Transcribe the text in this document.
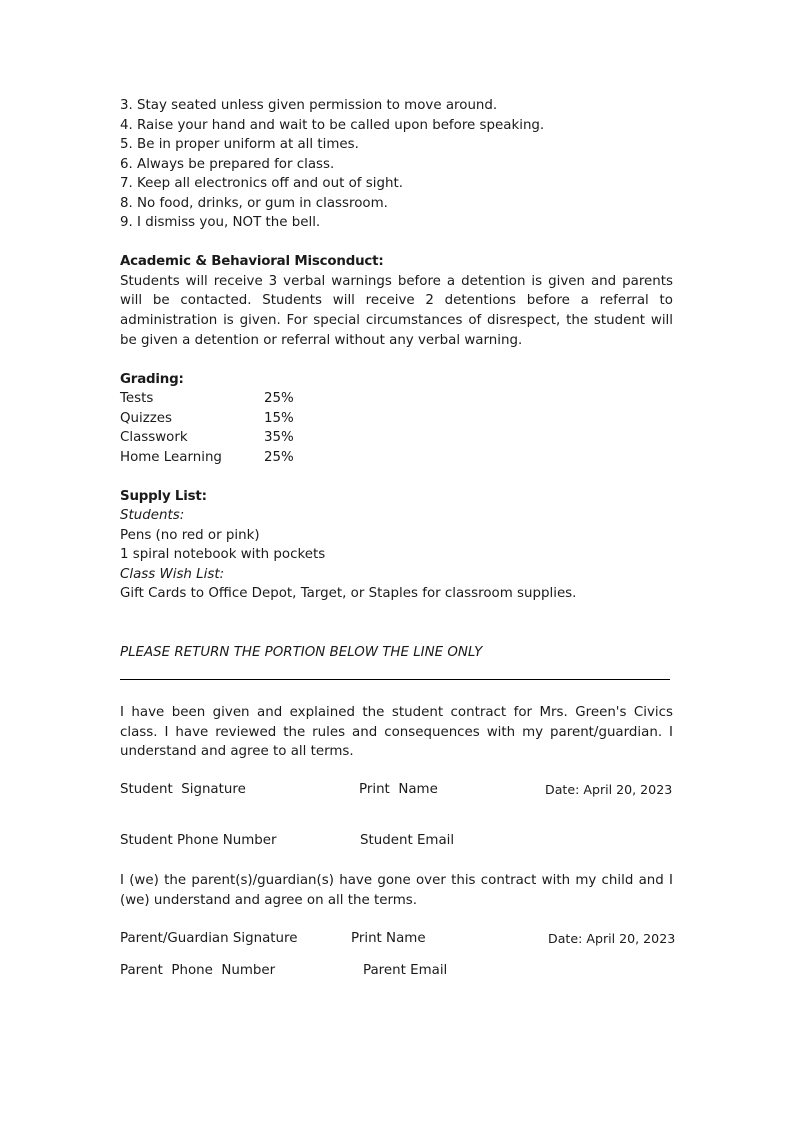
3. Stay seated unless given permission to move around.
4. Raise your hand and wait to be called upon before speaking.
5. Be in proper uniform at all times.
6. Always be prepared for class.
7. Keep all electronics off and out of sight.
8. No food, drinks, or gum in classroom.
9. I dismiss you, NOT the bell.
Academic & Behavioral Misconduct:
Students will receive 3 verbal warnings before a detention is given and parents will be contacted. Students will receive 2 detentions before a referral to administration is given. For special circumstances of disrespect, the student will be given a detention or referral without any verbal warning.
Grading:
Tests	25%
Quizzes	15%
Classwork	35%
Home Learning	25%
Supply List:
Students:
Pens (no red or pink)
1 spiral notebook with pockets
Class Wish List:
Gift Cards to Office Depot, Target, or Staples for classroom supplies.
PLEASE RETURN THE PORTION BELOW THE LINE ONLY
I have been given and explained the student contract for Mrs. Green's Civics class. I have reviewed the rules and consequences with my parent/guardian. I understand and agree to all terms.
Student  Signature	Print  Name	Date: April 20, 2023
Student Phone Number	Student Email
I (we) the parent(s)/guardian(s) have gone over this contract with my child and I (we) understand and agree on all the terms.
Parent/Guardian Signature	Print Name	Date: April 20, 2023
Parent  Phone  Number	Parent Email
